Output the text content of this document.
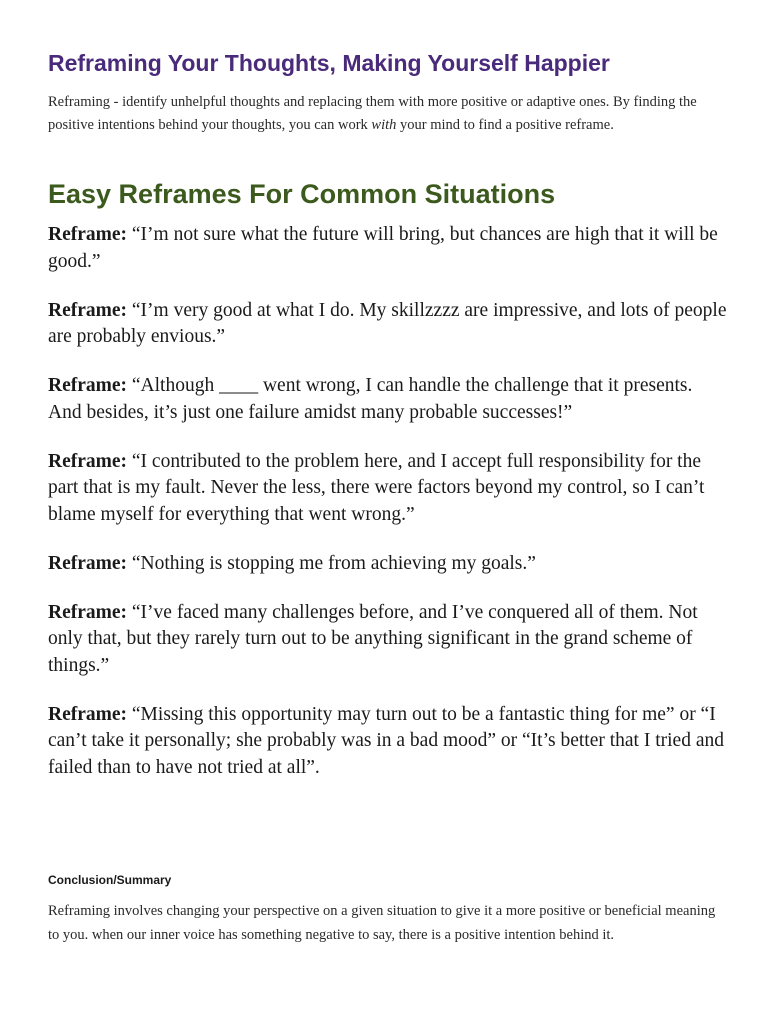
Reframing Your Thoughts, Making Yourself Happier

Reframing - identify unhelpful thoughts and replacing them with more positive or adaptive ones. By finding the positive intentions behind your thoughts, you can work with your mind to find a positive reframe.

Easy Reframes For Common Situations
Reframe: “I’m not sure what the future will bring, but chances are high that it will be good.”
Reframe: “I’m very good at what I do. My skillzzzz are impressive, and lots of people are probably envious.”
Reframe: “Although ____ went wrong, I can handle the challenge that it presents. And besides, it’s just one failure amidst many probable successes!”
Reframe: “I contributed to the problem here, and I accept full responsibility for the part that is my fault. Never the less, there were factors beyond my control, so I can’t blame myself for everything that went wrong.”
Reframe: “Nothing is stopping me from achieving my goals.”
Reframe: “I’ve faced many challenges before, and I’ve conquered all of them. Not only that, but they rarely turn out to be anything significant in the grand scheme of things.”
Reframe: “Missing this opportunity may turn out to be a fantastic thing for me” or “I can’t take it personally; she probably was in a bad mood” or “It’s better that I tried and failed than to have not tried at all”.
Conclusion/Summary

Reframing involves changing your perspective on a given situation to give it a more positive or beneficial meaning to you. when our inner voice has something negative to say, there is a positive intention behind it.
